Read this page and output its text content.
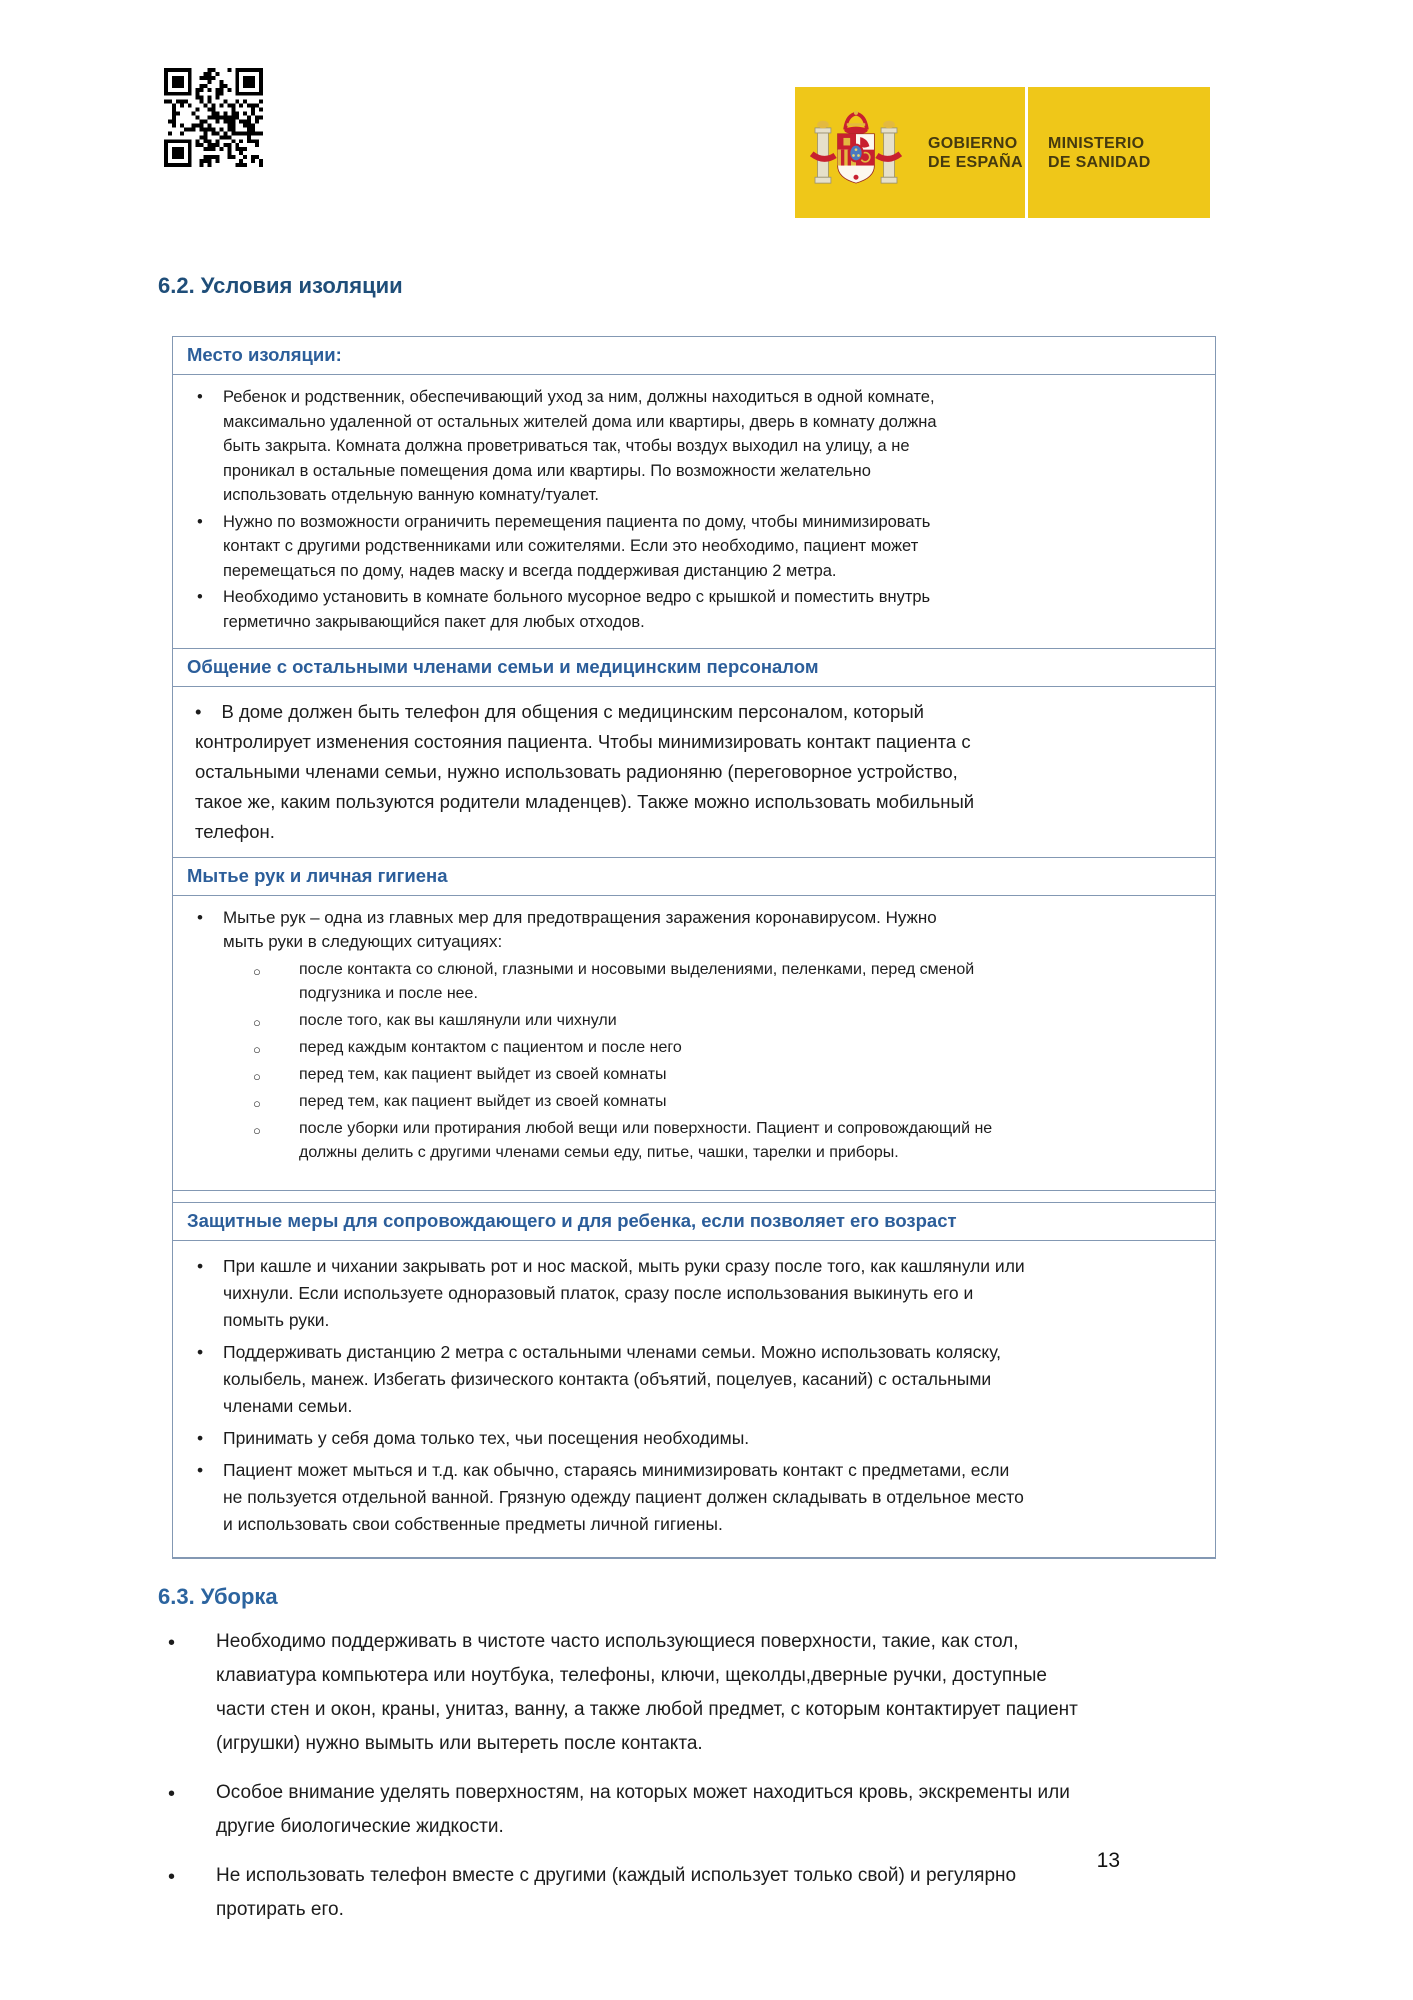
GOBIERNO
DE ESPAÑA
MINISTERIO
DE SANIDAD
6.2. Условия изоляции
Место изоляции:
• Ребенок и родственник, обеспечивающий уход за ним, должны находиться в одной комнате, максимально удаленной от остальных жителей дома или квартиры, дверь в комнату должна быть закрыта. Комната должна проветриваться так, чтобы воздух выходил на улицу, а не проникал в остальные помещения дома или квартиры. По возможности желательно использовать отдельную ванную комнату/туалет.
• Нужно по возможности ограничить перемещения пациента по дому, чтобы минимизировать контакт с другими родственниками или сожителями. Если это необходимо, пациент может перемещаться по дому, надев маску и всегда поддерживая дистанцию 2 метра.
• Необходимо установить в комнате больного мусорное ведро с крышкой и поместить внутрь герметично закрывающийся пакет для любых отходов.
Общение с остальными членами семьи и медицинским персоналом
• В доме должен быть телефон для общения с медицинским персоналом, который контролирует изменения состояния пациента. Чтобы минимизировать контакт пациента с остальными членами семьи, нужно использовать радионяню (переговорное устройство, такое же, каким пользуются родители младенцев). Также можно использовать мобильный телефон.
Мытье рук и личная гигиена
• Мытье рук – одна из главных мер для предотвращения заражения коронавирусом. Нужно мыть руки в следующих ситуациях:
○ после контакта со слюной, глазными и носовыми выделениями, пеленками, перед сменой подгузника и после нее.
○ после того, как вы кашлянули или чихнули
○ перед каждым контактом с пациентом и после него
○ перед тем, как пациент выйдет из своей комнаты
○ перед тем, как пациент выйдет из своей комнаты
○ после уборки или протирания любой вещи или поверхности. Пациент и сопровождающий не должны делить с другими членами семьи еду, питье, чашки, тарелки и приборы.
Защитные меры для сопровождающего и для ребенка, если позволяет его возраст
• При кашле и чихании закрывать рот и нос маской, мыть руки сразу после того, как кашлянули или чихнули. Если используете одноразовый платок, сразу после использования выкинуть его и помыть руки.
• Поддерживать дистанцию 2 метра с остальными членами семьи. Можно использовать коляску, колыбель, манеж. Избегать физического контакта (объятий, поцелуев, касаний) с остальными членами семьи.
• Принимать у себя дома только тех, чьи посещения необходимы.
• Пациент может мыться и т.д. как обычно, стараясь минимизировать контакт с предметами, если не пользуется отдельной ванной. Грязную одежду пациент должен складывать в отдельное место и использовать свои собственные предметы личной гигиены.
6.3. Уборка
• Необходимо поддерживать в чистоте часто использующиеся поверхности, такие, как стол, клавиатура компьютера или ноутбука, телефоны, ключи, щеколды,дверные ручки, доступные части стен и окон, краны, унитаз, ванну, а также любой предмет, с которым контактирует пациент (игрушки) нужно вымыть или вытереть после контакта.
• Особое внимание уделять поверхностям, на которых может находиться кровь, экскременты или другие биологические жидкости.
• Не использовать телефон вместе с другими (каждый использует только свой) и регулярно протирать его.
13
